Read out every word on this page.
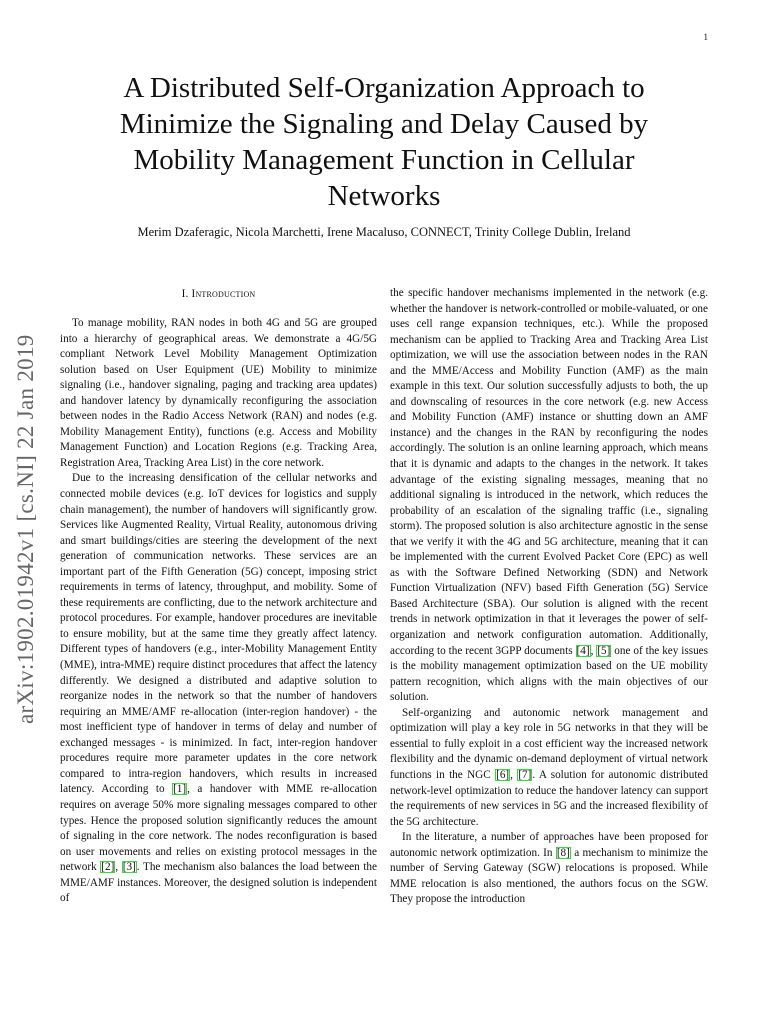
1
A Distributed Self-Organization Approach to
Minimize the Signaling and Delay Caused by
Mobility Management Function in Cellular
Networks
Merim Dzaferagic, Nicola Marchetti, Irene Macaluso, CONNECT, Trinity College Dublin, Ireland
arXiv:1902.01942v1 [cs.NI] 22 Jan 2019
I. Introduction

To manage mobility, RAN nodes in both 4G and 5G are grouped into a hierarchy of geographical areas. We demonstrate a 4G/5G compliant Network Level Mobility Management Optimization solution based on User Equipment (UE) Mobility to minimize signaling (i.e., handover signaling, paging and tracking area updates) and handover latency by dynamically reconfiguring the association between nodes in the Radio Access Network (RAN) and nodes (e.g. Mobility Management Entity), functions (e.g. Access and Mobility Management Function) and Location Regions (e.g. Tracking Area, Registration Area, Tracking Area List) in the core network.

Due to the increasing densification of the cellular networks and connected mobile devices (e.g. IoT devices for logistics and supply chain management), the number of handovers will significantly grow. Services like Augmented Reality, Virtual Reality, autonomous driving and smart buildings/cities are steering the development of the next generation of communication networks. These services are an important part of the Fifth Generation (5G) concept, imposing strict requirements in terms of latency, throughput, and mobility. Some of these requirements are conflicting, due to the network architecture and protocol procedures. For example, handover procedures are inevitable to ensure mobility, but at the same time they greatly affect latency. Different types of handovers (e.g., inter-Mobility Management Entity (MME), intra-MME) require distinct procedures that affect the latency differently. We designed a distributed and adaptive solution to reorganize nodes in the network so that the number of handovers requiring an MME/AMF re-allocation (inter-region handover) - the most inefficient type of handover in terms of delay and number of exchanged messages - is minimized. In fact, inter-region handover procedures require more parameter updates in the core network compared to intra-region handovers, which results in increased latency. According to [1], a handover with MME re-allocation requires on average 50% more signaling messages compared to other types. Hence the proposed solution significantly reduces the amount of signaling in the core network. The nodes reconfiguration is based on user movements and relies on existing protocol messages in the network [2], [3]. The mechanism also balances the load between the MME/AMF instances. Moreover, the designed solution is independent of

the specific handover mechanisms implemented in the network (e.g. whether the handover is network-controlled or mobile-valuated, or one uses cell range expansion techniques, etc.). While the proposed mechanism can be applied to Tracking Area and Tracking Area List optimization, we will use the association between nodes in the RAN and the MME/Access and Mobility Function (AMF) as the main example in this text. Our solution successfully adjusts to both, the up and downscaling of resources in the core network (e.g. new Access and Mobility Function (AMF) instance or shutting down an AMF instance) and the changes in the RAN by reconfiguring the nodes accordingly. The solution is an online learning approach, which means that it is dynamic and adapts to the changes in the network. It takes advantage of the existing signaling messages, meaning that no additional signaling is introduced in the network, which reduces the probability of an escalation of the signaling traffic (i.e., signaling storm). The proposed solution is also architecture agnostic in the sense that we verify it with the 4G and 5G architecture, meaning that it can be implemented with the current Evolved Packet Core (EPC) as well as with the Software Defined Networking (SDN) and Network Function Virtualization (NFV) based Fifth Generation (5G) Service Based Architecture (SBA). Our solution is aligned with the recent trends in network optimization in that it leverages the power of self-organization and network configuration automation. Additionally, according to the recent 3GPP documents [4], [5] one of the key issues is the mobility management optimization based on the UE mobility pattern recognition, which aligns with the main objectives of our solution.

Self-organizing and autonomic network management and optimization will play a key role in 5G networks in that they will be essential to fully exploit in a cost efficient way the increased network flexibility and the dynamic on-demand deployment of virtual network functions in the NGC [6], [7]. A solution for autonomic distributed network-level optimization to reduce the handover latency can support the requirements of new services in 5G and the increased flexibility of the 5G architecture.

In the literature, a number of approaches have been proposed for autonomic network optimization. In [8] a mechanism to minimize the number of Serving Gateway (SGW) relocations is proposed. While MME relocation is also mentioned, the authors focus on the SGW. They propose the introduction
